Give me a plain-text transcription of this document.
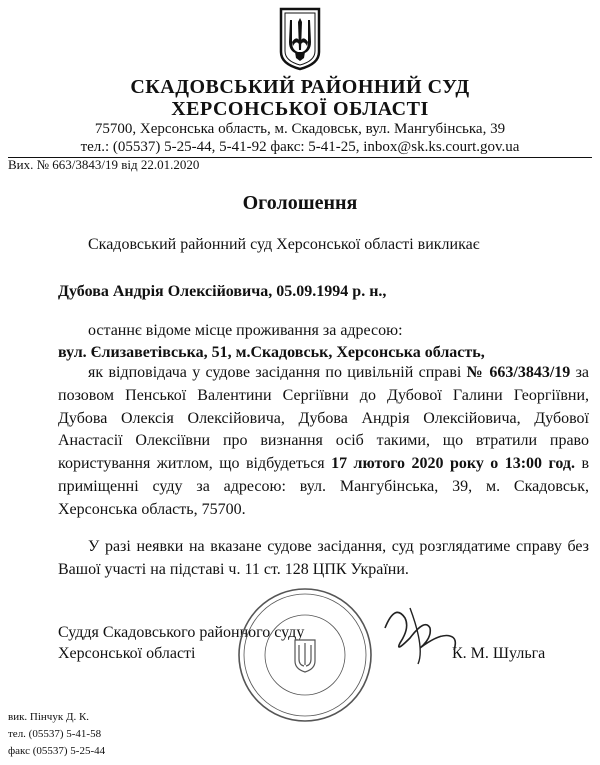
СКАДОВСЬКИЙ РАЙОННИЙ СУД
ХЕРСОНСЬКОЇ ОБЛАСТІ
75700, Херсонська область, м. Скадовськ, вул. Мангубінська, 39
тел.: (05537) 5-25-44, 5-41-92 факс: 5-41-25, inbox@sk.ks.court.gov.ua
Вих. № 663/3843/19 від 22.01.2020
Оголошення
Скадовський районний суд Херсонської області викликає
Дубова Андрія Олексійовича, 05.09.1994 р. н.,
останнє відоме місце проживання за адресою:
вул. Єлизаветівська, 51, м.Скадовськ, Херсонська область,
як відповідача у судове засідання по цивільній справі № 663/3843/19 за позовом Пенської Валентини Сергіївни до Дубової Галини Георгіївни, Дубова Олексія Олексійовича, Дубова Андрія Олексійовича, Дубової Анастасії Олексіївни про визнання осіб такими, що втратили право користування житлом, що відбудеться 17 лютого 2020 року о 13:00 год. в приміщенні суду за адресою: вул. Мангубінська, 39, м. Скадовськ, Херсонська область, 75700.
У разі неявки на вказане судове засідання, суд розглядатиме справу без Вашої участі на підставі ч. 11 ст. 128 ЦПК України.
Суддя Скадовського районного суду
Херсонської області	К. М. Шульга
вик. Пінчук Д. К.
тел. (05537) 5-41-58
факс (05537) 5-25-44
